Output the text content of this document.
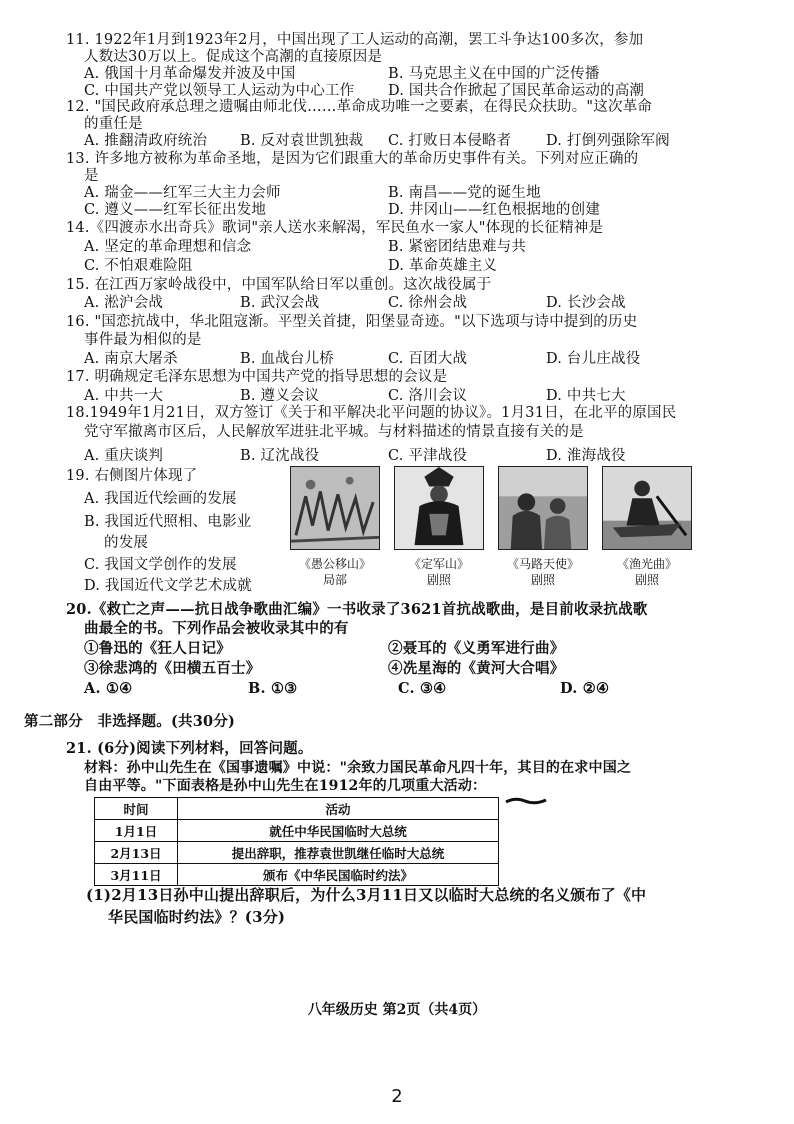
11. 1922年1月到1923年2月，中国出现了工人运动的高潮，罢工斗争达100多次，参加
人数达30万以上。促成这个高潮的直接原因是
A. 俄国十月革命爆发并波及中国	B. 马克思主义在中国的广泛传播
C. 中国共产党以领导工人运动为中心工作 D. 国共合作掀起了国民革命运动的高潮
12. "国民政府承总理之遗嘱由师北伐……革命成功唯一之要素，在得民众扶助。"这次革命
的重任是
A. 推翻清政府统治 B. 反对袁世凯独裁 C. 打败日本侵略者 D. 打倒列强除军阀
13. 许多地方被称为革命圣地，是因为它们跟重大的革命历史事件有关。下列对应正确的
是
A. 瑞金——红军三大主力会师	B. 南昌——党的诞生地
C. 遵义——红军长征出发地	D. 井冈山——红色根据地的创建
14.《四渡赤水出奇兵》歌词"亲人送水来解渴，军民鱼水一家人"体现的长征精神是
A. 坚定的革命理想和信念	B. 紧密团结患难与共
C. 不怕艰难险阻	D. 革命英雄主义
15. 在江西万家岭战役中，中国军队给日军以重创。这次战役属于
A. 淞沪会战	B. 武汉会战	C. 徐州会战	D. 长沙会战
16. "国恋抗战中，华北阻寇渐。平型关首捷，阳堡显奇迹。"以下选项与诗中提到的历史
事件最为相似的是
A. 南京大屠杀	B. 血战台儿桥	C. 百团大战	D. 台儿庄战役
17. 明确规定毛泽东思想为中国共产党的指导思想的会议是
A. 中共一大	B. 遵义会议	C. 洛川会议	D. 中共七大
18.1949年1月21日，双方签订《关于和平解决北平问题的协议》。1月31日，在北平的原国民
党守军撤离市区后，人民解放军进驻北平城。与材料描述的情景直接有关的是
A. 重庆谈判	B. 辽沈战役	C. 平津战役	D. 淮海战役
19. 右侧图片体现了
A. 我国近代绘画的发展
B. 我国近代照相、电影业
的发展
C. 我国文学创作的发展
D. 我国近代文学艺术成就
《愚公移山》
局部
《定军山》
剧照
《马路天使》
剧照
《渔光曲》
剧照
20.《救亡之声——抗日战争歌曲汇编》一书收录了3621首抗战歌曲，是目前收录抗战歌
曲最全的书。下列作品会被收录其中的有
①鲁迅的《狂人日记》	②聂耳的《义勇军进行曲》
③徐悲鸿的《田横五百士》	④冼星海的《黄河大合唱》
A. ①④	B. ①③	C. ③④	D. ②④
第二部分　非选择题。(共30分)
21. (6分)阅读下列材料，回答问题。
材料：孙中山先生在《国事遗嘱》中说："余致力国民革命凡四十年，其目的在求中国之
自由平等。"下面表格是孙中山先生在1912年的几项重大活动：
时间	活动
1月1日	就任中华民国临时大总统
2月13日	提出辞职，推荐袁世凯继任临时大总统
3月11日	颁布《中华民国临时约法》
(1)2月13日孙中山提出辞职后，为什么3月11日又以临时大总统的名义颁布了《中
华民国临时约法》？(3分)
八年级历史 第2页（共4页）
2
